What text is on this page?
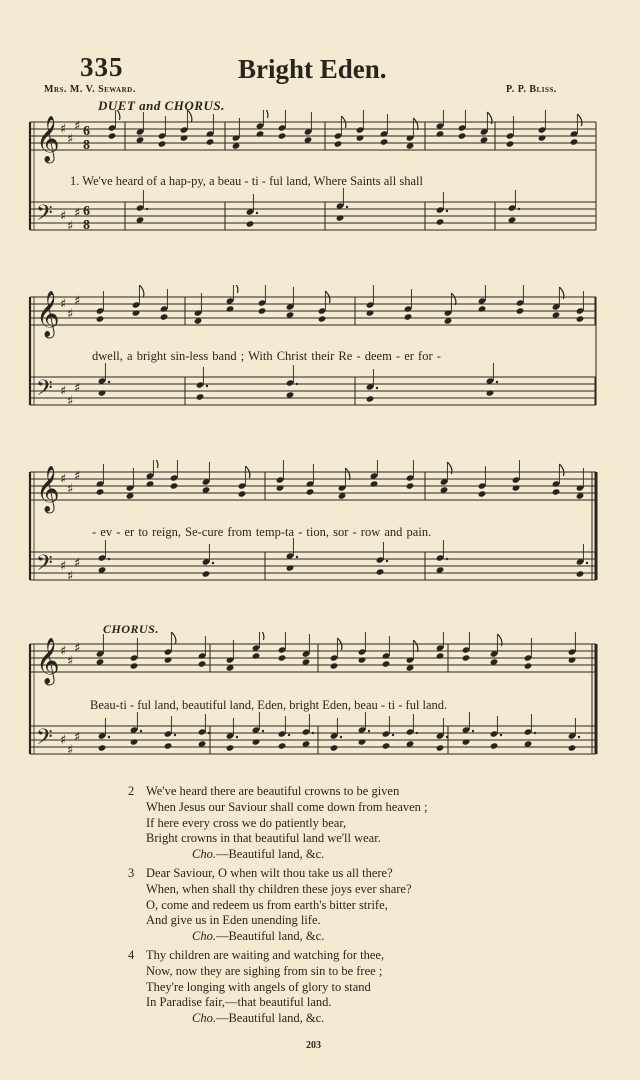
335	Bright Eden.
Mrs. M. V. Seward.	P. P. Bliss.
DUET and CHORUS.
𝄞
𝄢
♯
♯
♯
♯
♯
♯
6
8
6
8
1. We've heard of a hap-py, a beau - ti - ful land, Where Saints all shall
𝄞
𝄢
♯
♯
♯
♯
♯
♯
dwell, a bright sin-less band ; With Christ their Re - deem - er for -
𝄞
𝄢
♯
♯
♯
♯
♯
♯
- ev - er to reign, Se-cure from temp-ta - tion, sor - row and pain.
CHORUS.
𝄞
𝄢
♯
♯
♯
♯
♯
♯
Beau-ti - ful land, beautiful land, Eden, bright Eden, beau - ti - ful land.
2 We've heard there are beautiful crowns to be given
When Jesus our Saviour shall come down from heaven ;
If here every cross we do patiently bear,
Bright crowns in that beautiful land we'll wear.
Cho.—Beautiful land, &c.
3 Dear Saviour, O when wilt thou take us all there?
When, when shall thy children these joys ever share?
O, come and redeem us from earth's bitter strife,
And give us in Eden unending life.
Cho.—Beautiful land, &c.
4 Thy children are waiting and watching for thee,
Now, now they are sighing from sin to be free ;
They're longing with angels of glory to stand
In Paradise fair,—that beautiful land.
Cho.—Beautiful land, &c.
203
